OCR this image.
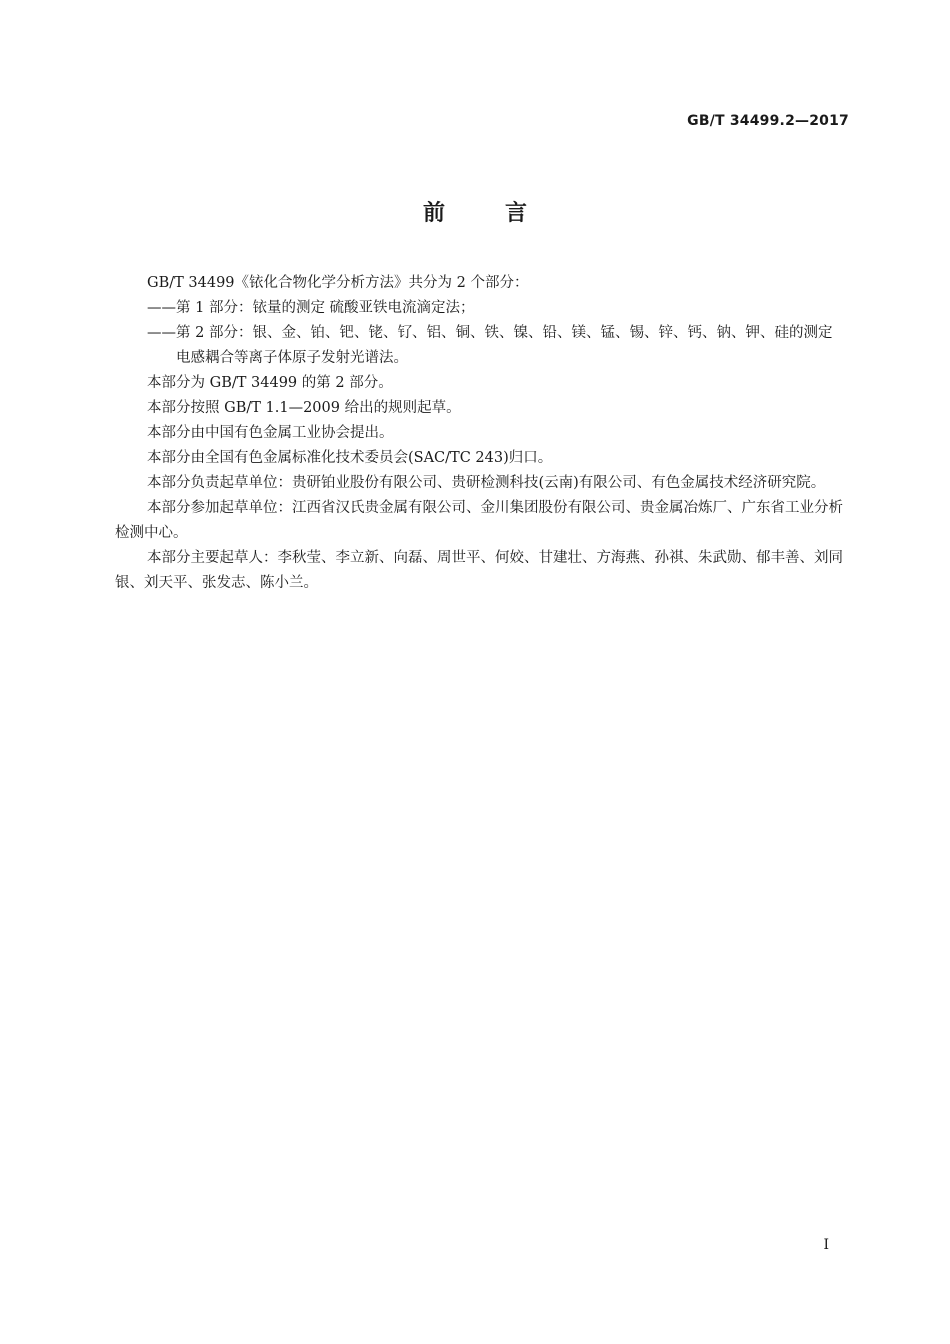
GB/T 34499.2—2017
前言

GB/T 34499《铱化合物化学分析方法》共分为 2 个部分：

——第 1 部分：铱量的测定 硫酸亚铁电流滴定法；

——第 2 部分：银、金、铂、钯、铑、钌、铝、铜、铁、镍、铅、镁、锰、锡、锌、钙、钠、钾、硅的测定 电感耦合等离子体原子发射光谱法。

本部分为 GB/T 34499 的第 2 部分。

本部分按照 GB/T 1.1—2009 给出的规则起草。

本部分由中国有色金属工业协会提出。

本部分由全国有色金属标准化技术委员会(SAC/TC 243)归口。

本部分负责起草单位：贵研铂业股份有限公司、贵研检测科技(云南)有限公司、有色金属技术经济研究院。

本部分参加起草单位：江西省汉氏贵金属有限公司、金川集团股份有限公司、贵金属冶炼厂、广东省工业分析检测中心。

本部分主要起草人：李秋莹、李立新、向磊、周世平、何姣、甘建壮、方海燕、孙祺、朱武勋、郁丰善、刘同银、刘天平、张发志、陈小兰。

I
